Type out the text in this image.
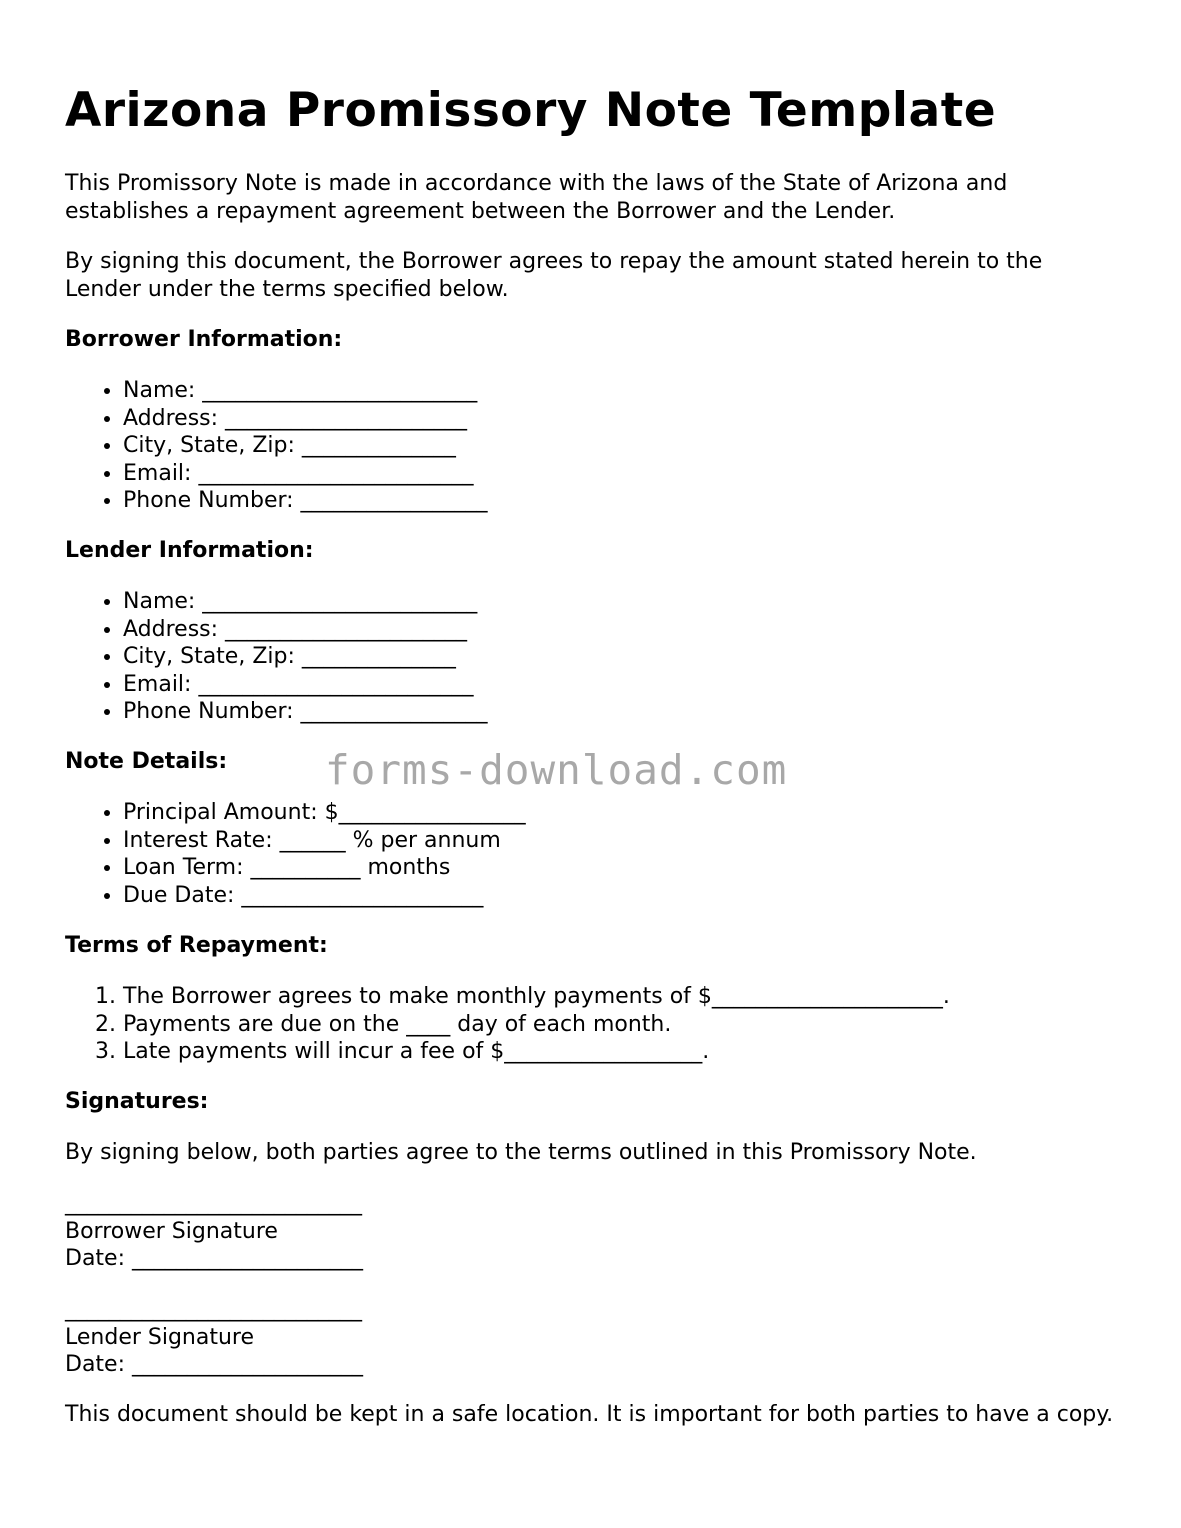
Arizona Promissory Note Template

This Promissory Note is made in accordance with the laws of the State of Arizona and establishes a repayment agreement between the Borrower and the Lender.

By signing this document, the Borrower agrees to repay the amount stated herein to the Lender under the terms specified below.

Borrower Information:

• Name: _________________________
• Address: ______________________
• City, State, Zip: ______________
• Email: _________________________
• Phone Number: _________________

Lender Information:

• Name: _________________________
• Address: ______________________
• City, State, Zip: ______________
• Email: _________________________
• Phone Number: _________________

Note Details:

• Principal Amount: $_________________
• Interest Rate: ______ % per annum
• Loan Term: __________ months
• Due Date: ______________________

Terms of Repayment:

1. The Borrower agrees to make monthly payments of $_____________________.
2. Payments are due on the ____ day of each month.
3. Late payments will incur a fee of $__________________.

Signatures:

By signing below, both parties agree to the terms outlined in this Promissory Note.

___________________________
Borrower Signature
Date: _____________________
___________________________
Lender Signature
Date: _____________________

This document should be kept in a safe location. It is important for both parties to have a copy.

forms-download.com
